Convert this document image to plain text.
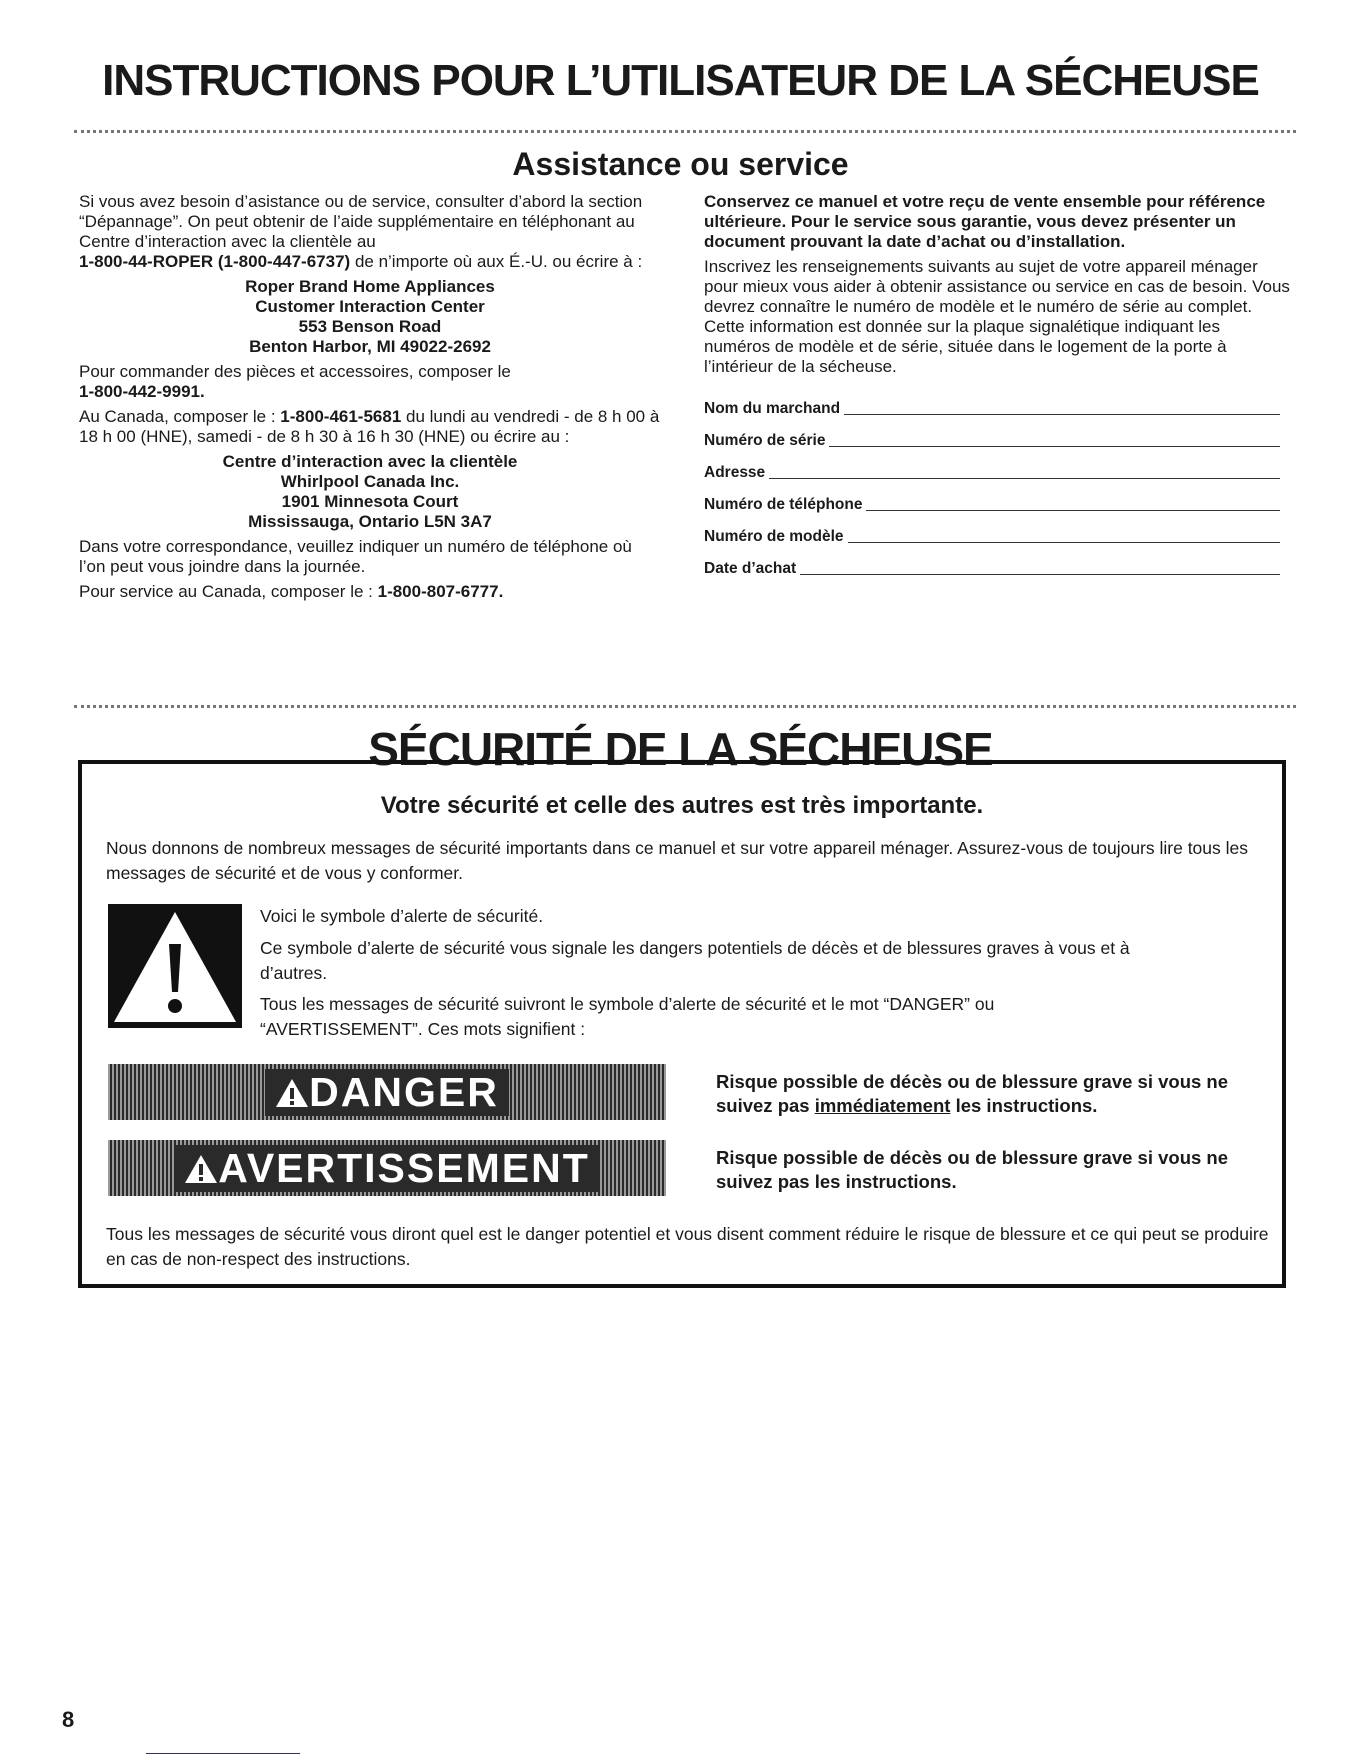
INSTRUCTIONS POUR L’UTILISATEUR DE LA SÉCHEUSE
Assistance ou service

Si vous avez besoin d’asistance ou de service, consulter d’abord la section “Dépannage”. On peut obtenir de l’aide supplémentaire en téléphonant au Centre d’interaction avec la clientèle au
1-800-44-ROPER (1-800-447-6737) de n’importe où aux É.-U. ou écrire à :

Roper Brand Home Appliances
Customer Interaction Center
553 Benson Road
Benton Harbor, MI 49022-2692

Pour commander des pièces et accessoires, composer le
1-800-442-9991.

Au Canada, composer le : 1-800-461-5681 du lundi au vendredi - de 8 h 00 à 18 h 00 (HNE), samedi - de 8 h 30 à 16 h 30 (HNE) ou écrire au :

Centre d’interaction avec la clientèle
Whirlpool Canada Inc.
1901 Minnesota Court
Mississauga, Ontario L5N 3A7

Dans votre correspondance, veuillez indiquer un numéro de téléphone où l’on peut vous joindre dans la journée.

Pour service au Canada, composer le : 1-800-807-6777.

Conservez ce manuel et votre reçu de vente ensemble pour référence ultérieure. Pour le service sous garantie, vous devez présenter un document prouvant la date d’achat ou d’installation.

Inscrivez les renseignements suivants au sujet de votre appareil ménager pour mieux vous aider à obtenir assistance ou service en cas de besoin. Vous devrez connaître le numéro de modèle et le numéro de série au complet. Cette information est donnée sur la plaque signalétique indiquant les numéros de modèle et de série, située dans le logement de la porte à l’intérieur de la sécheuse.

Nom du marchand
Numéro de série
Adresse
Numéro de téléphone
Numéro de modèle
Date d’achat
SÉCURITÉ DE LA SÉCHEUSE
Votre sécurité et celle des autres est très importante.

Nous donnons de nombreux messages de sécurité importants dans ce manuel et sur votre appareil ménager. Assurez-vous de toujours lire tous les messages de sécurité et de vous y conformer.

Voici le symbole d’alerte de sécurité.

Ce symbole d’alerte de sécurité vous signale les dangers potentiels de décès et de blessures graves à vous et à d’autres.

Tous les messages de sécurité suivront le symbole d’alerte de sécurité et le mot “DANGER” ou “AVERTISSEMENT”. Ces mots signifient :

DANGER	Risque possible de décès ou de blessure grave si vous ne suivez pas immédiatement les instructions.

AVERTISSEMENT	Risque possible de décès ou de blessure grave si vous ne suivez pas les instructions.

Tous les messages de sécurité vous diront quel est le danger potentiel et vous disent comment réduire le risque de blessure et ce qui peut se produire en cas de non-respect des instructions.

8
